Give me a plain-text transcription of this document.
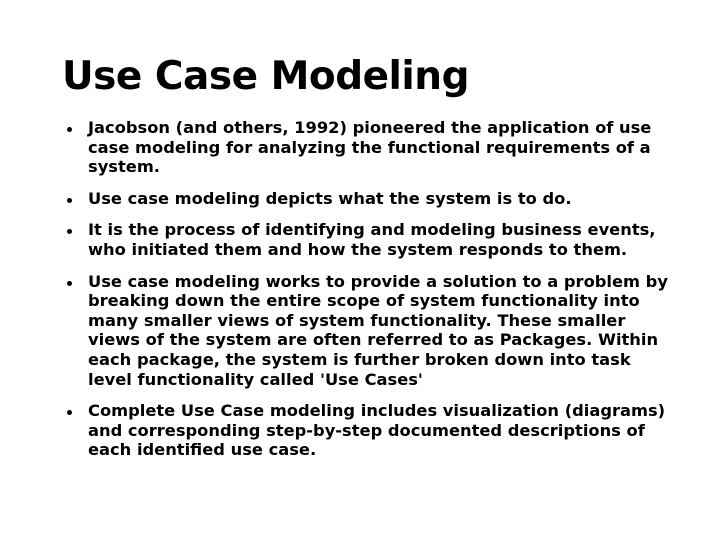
Use Case Modeling
Jacobson (and others, 1992) pioneered the application of use case modeling for analyzing the functional requirements of a system.
Use case modeling depicts what the system is to do.
It is the process of identifying and modeling business events, who initiated them and how the system responds to them.
Use case modeling works to provide a solution to a problem by breaking down the entire scope of system functionality into many smaller views of system functionality. These smaller views of the system are often referred to as Packages. Within each package, the system is further broken down into task level functionality called 'Use Cases'
Complete Use Case modeling includes visualization (diagrams) and corresponding step-by-step documented descriptions of each identified use case.
